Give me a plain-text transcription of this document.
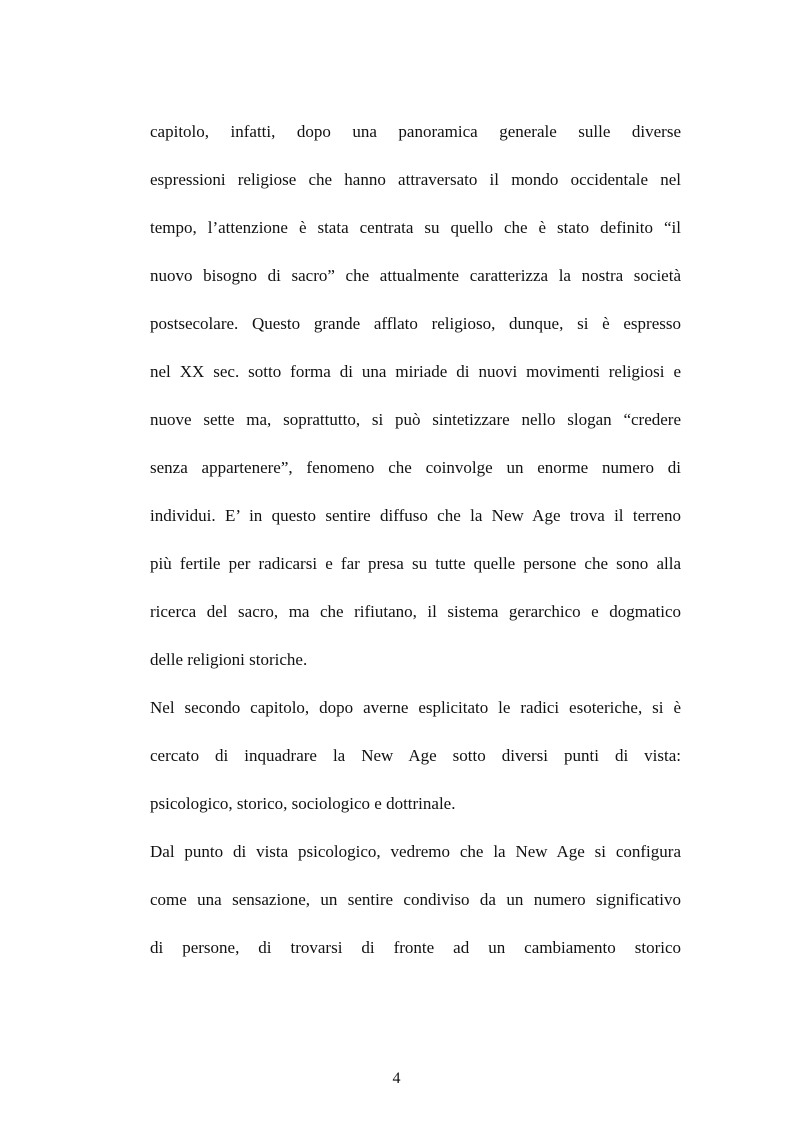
capitolo, infatti, dopo una panoramica generale sulle diverse
espressioni religiose che hanno attraversato il mondo occidentale nel
tempo, l’attenzione è stata centrata su quello che è stato definito “il
nuovo bisogno di sacro” che attualmente caratterizza la nostra società
postsecolare. Questo grande afflato religioso, dunque, si è espresso
nel XX sec. sotto forma di una miriade di nuovi movimenti religiosi e
nuove sette ma, soprattutto, si può sintetizzare nello slogan “credere
senza appartenere”, fenomeno che coinvolge un enorme numero di
individui. E’ in questo sentire diffuso che la New Age trova il terreno
più fertile per radicarsi e far presa su tutte quelle persone che sono alla
ricerca del sacro, ma che rifiutano, il sistema gerarchico e dogmatico
delle religioni storiche.
Nel secondo capitolo, dopo averne esplicitato le radici esoteriche, si è
cercato di inquadrare la New Age sotto diversi punti di vista:
psicologico, storico, sociologico e dottrinale.
Dal punto di vista psicologico, vedremo che la New Age si configura
come una sensazione, un sentire condiviso da un numero significativo
di persone, di trovarsi di fronte ad un cambiamento storico
4
